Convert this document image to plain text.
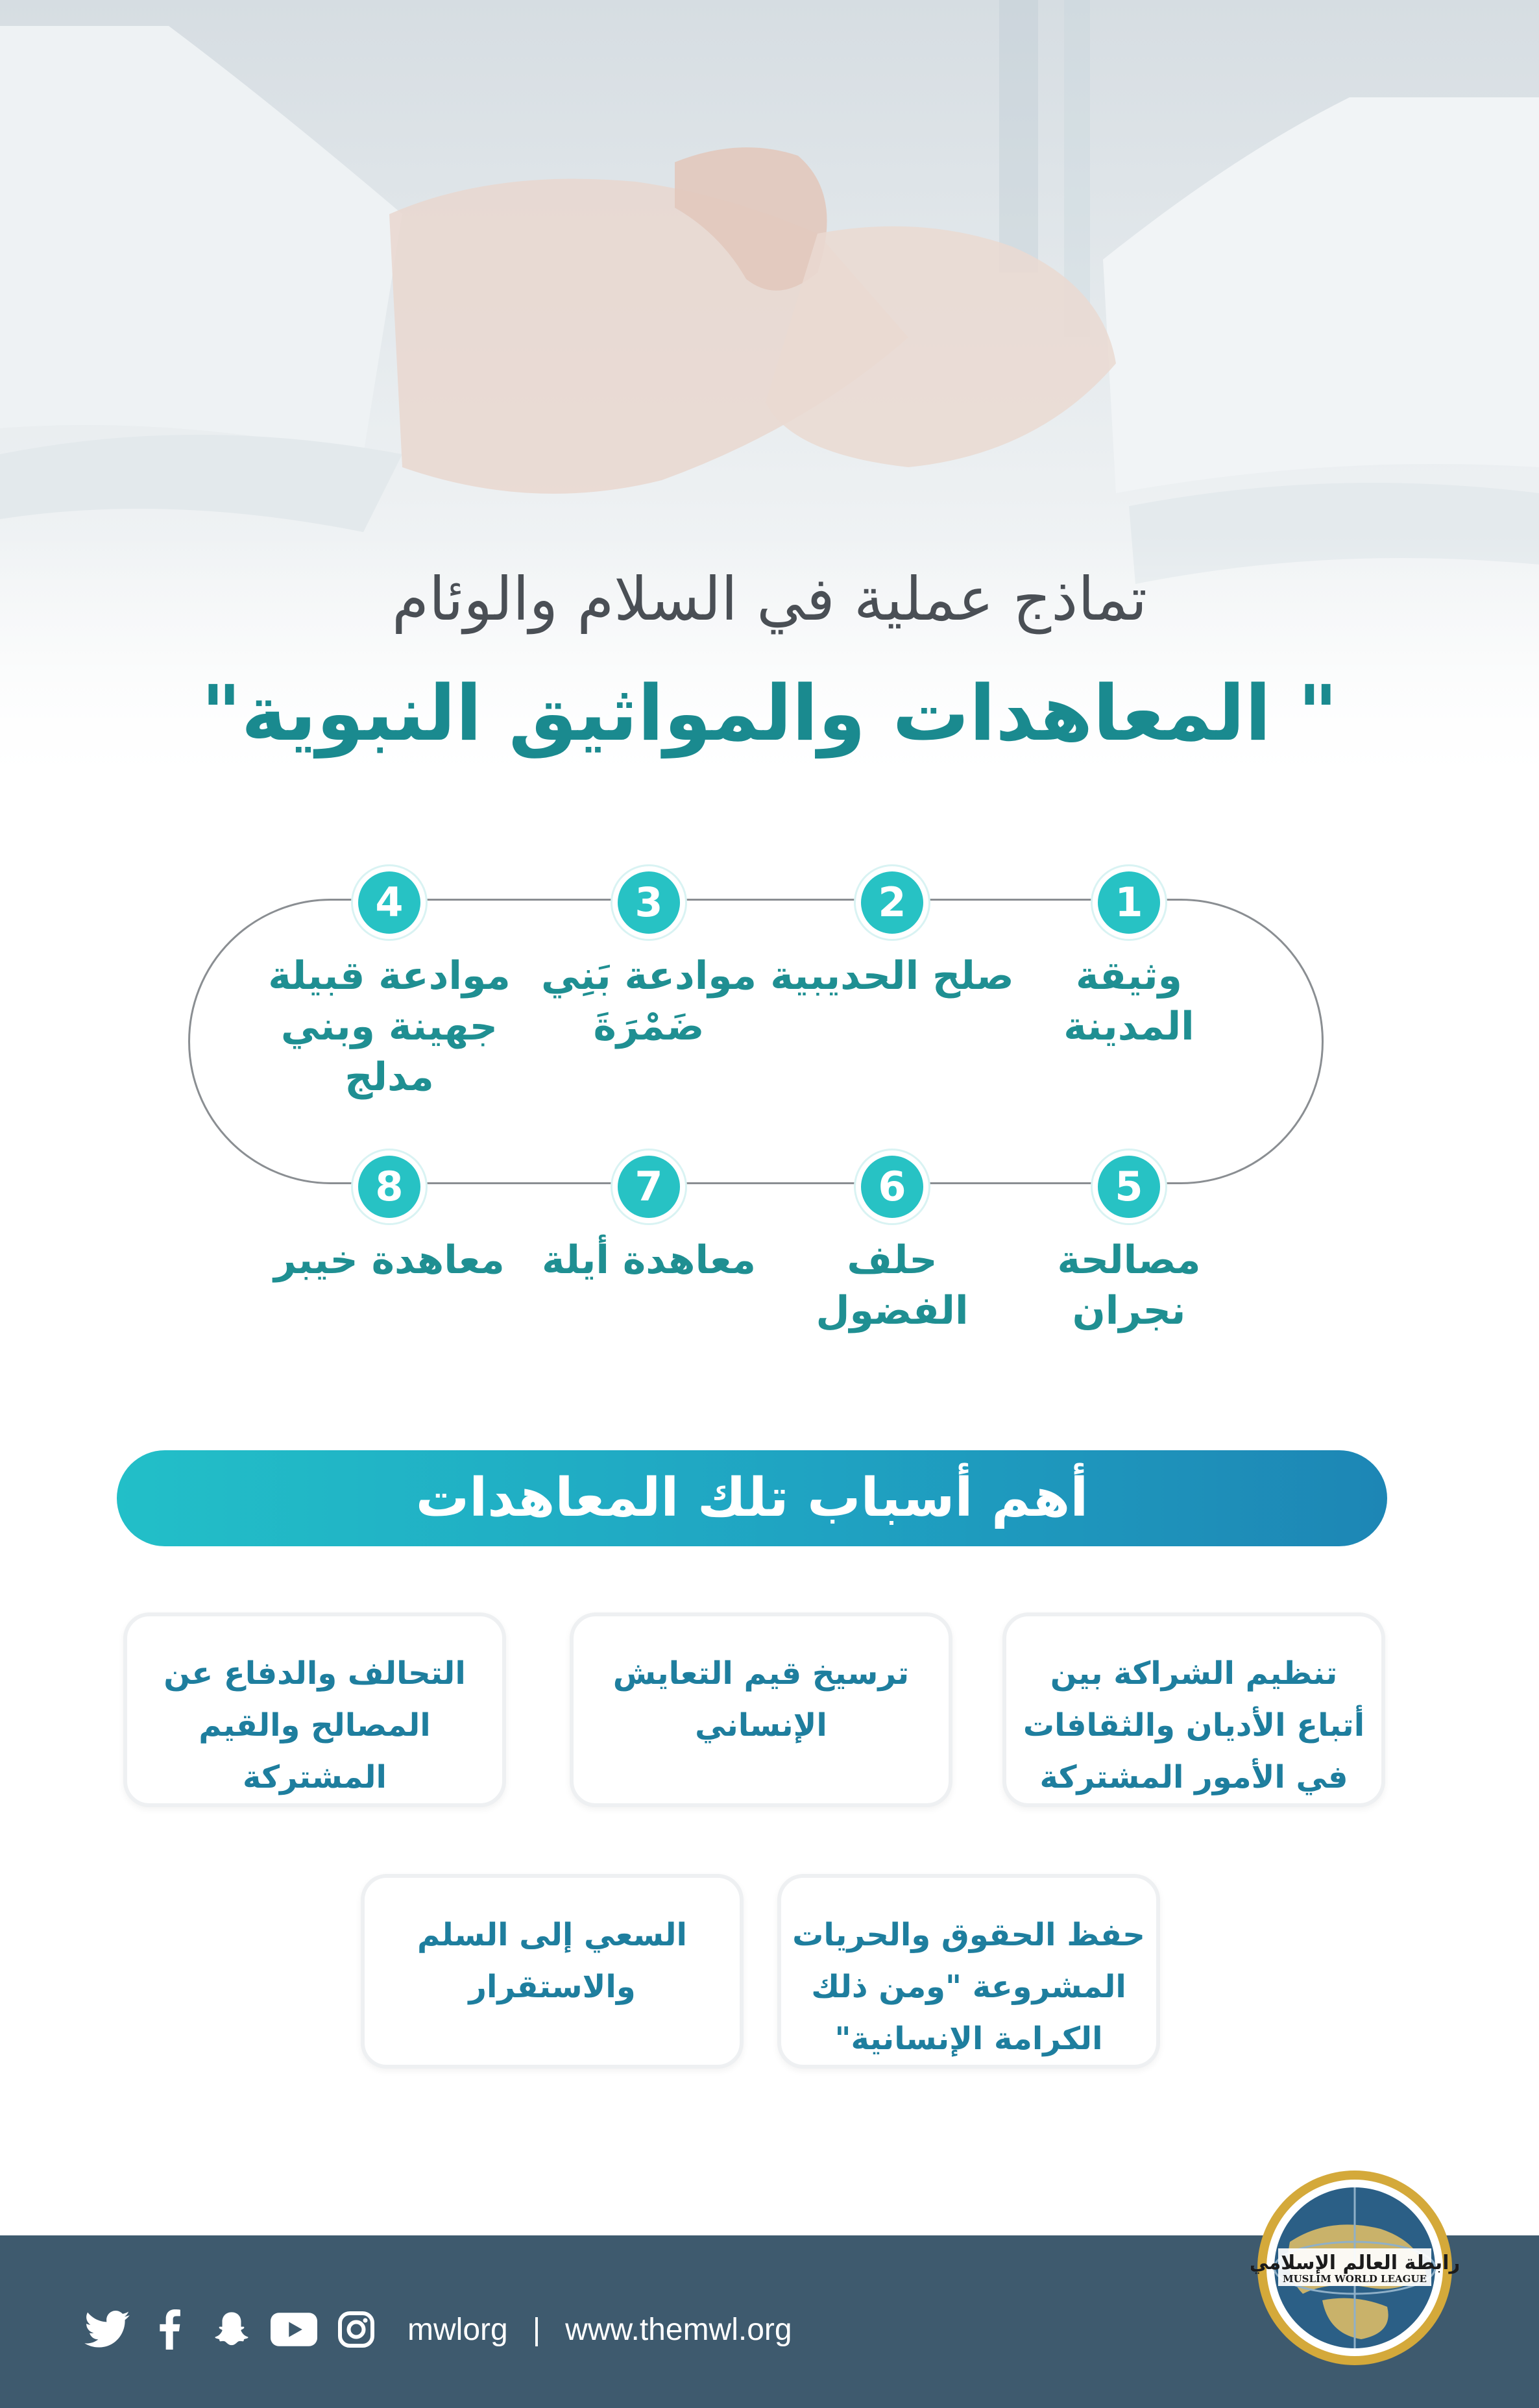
تماذج عملية في السلام والوئام
" المعاهدات والمواثيق النبوية"
1
وثيقة المدينة
2
صلح الحديبية
3
موادعة بَنِي ضَمْرَةَ
4
موادعة قبيلة جهينة وبني مدلج
5
مصالحة نجران
6
حلف الفضول
7
معاهدة أيلة
8
معاهدة خيبر
أهم أسباب تلك المعاهدات
تنظيم الشراكة بين أتباع الأديان والثقافات في الأمور المشتركة
ترسيخ قيم التعايش الإنساني
التحالف والدفاع عن المصالح والقيم المشتركة
حفظ الحقوق والحريات المشروعة "ومن ذلك الكرامة الإنسانية"
السعي إلى السلم والاستقرار
mwlorg | www.themwl.org
رابطة العالم الإسلامي
MUSLIM WORLD LEAGUE
